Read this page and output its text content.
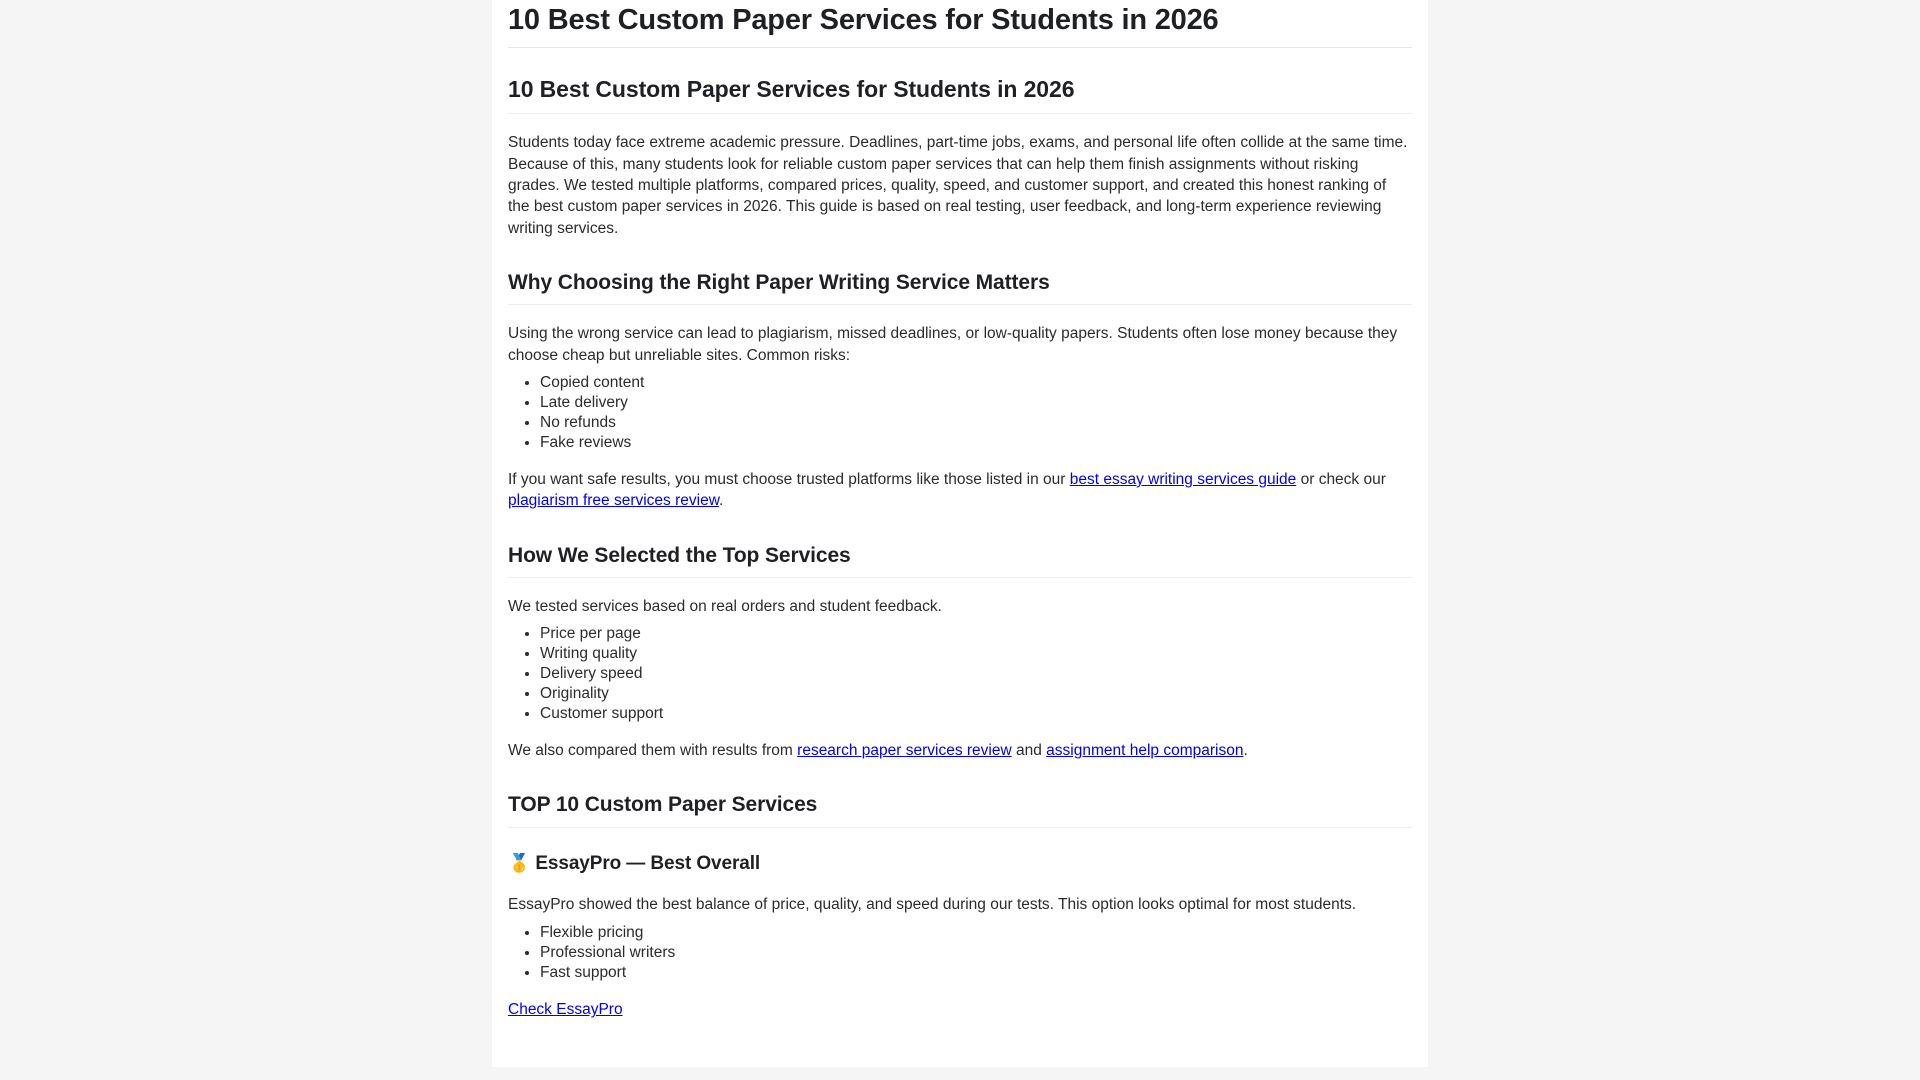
10 Best Custom Paper Services for Students in 2026
10 Best Custom Paper Services for Students in 2026

Students today face extreme academic pressure. Deadlines, part-time jobs, exams, and personal life often collide at the same time. Because of this, many students look for reliable custom paper services that can help them finish assignments without risking grades. We tested multiple platforms, compared prices, quality, speed, and customer support, and created this honest ranking of the best custom paper services in 2026. This guide is based on real testing, user feedback, and long-term experience reviewing writing services.

Why Choosing the Right Paper Writing Service Matters

Using the wrong service can lead to plagiarism, missed deadlines, or low-quality papers. Students often lose money because they choose cheap but unreliable sites. Common risks:

• Copied content
• Late delivery
• No refunds
• Fake reviews

If you want safe results, you must choose trusted platforms like those listed in our best essay writing services guide or check our plagiarism free services review.

How We Selected the Top Services

We tested services based on real orders and student feedback.

• Price per page
• Writing quality
• Delivery speed
• Originality
• Customer support

We also compared them with results from research paper services review and assignment help comparison.

TOP 10 Custom Paper Services
🥇 EssayPro — Best Overall

EssayPro showed the best balance of price, quality, and speed during our tests. This option looks optimal for most students.

• Flexible pricing
• Professional writers
• Fast support

Check EssayPro
